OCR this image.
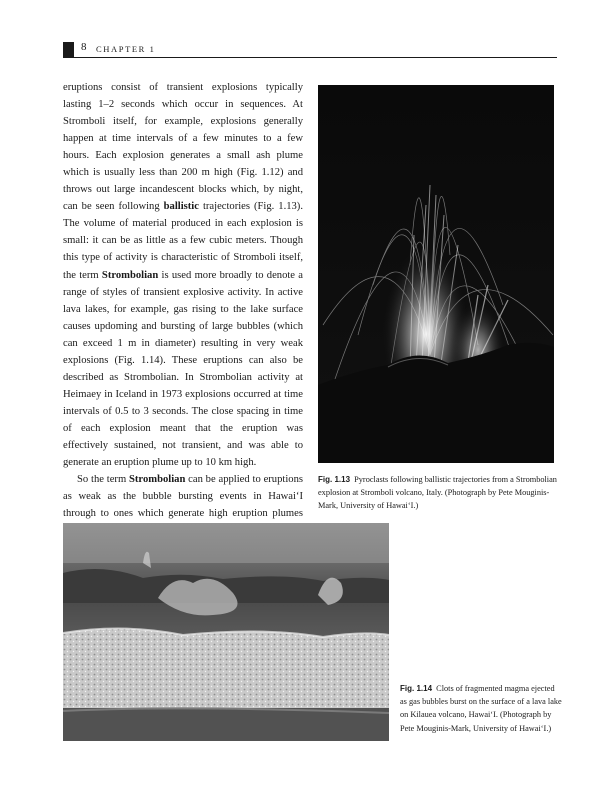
8 CHAPTER 1

eruptions consist of transient explosions typically lasting 1–2 seconds which occur in sequences. At Stromboli itself, for example, explosions generally happen at time intervals of a few minutes to a few hours. Each explosion generates a small ash plume which is usually less than 200 m high (Fig. 1.12) and throws out large incandescent blocks which, by night, can be seen following ballistic trajectories (Fig. 1.13). The volume of material produced in each explosion is small: it can be as little as a few cubic meters. Though this type of activity is characteristic of Stromboli itself, the term Strombolian is used more broadly to denote a range of styles of transient explosive activity. In active lava lakes, for example, gas rising to the lake surface causes updoming and bursting of large bubbles (which can exceed 1 m in diameter) resulting in very weak explosions (Fig. 1.14). These eruptions can also be described as Strombolian. In Strombolian activity at Heimaey in Iceland in 1973 explosions occurred at time intervals of 0.5 to 3 seconds. The close spacing in time of each explosion meant that the eruption was effectively sustained, not transient, and was able to generate an eruption plume up to 10 km high.

So the term Strombolian can be applied to eruptions as weak as the bubble bursting events in Hawai‘I through to ones which generate high eruption plumes

Fig. 1.13 Pyroclasts following ballistic trajectories from a Strombolian explosion at Stromboli volcano, Italy. (Photograph by Pete Mouginis-Mark, University of Hawai‘I.)
Fig. 1.14 Clots of fragmented magma ejected as gas bubbles burst on the surface of a lava lake on Kilauea volcano, Hawai‘I. (Photograph by Pete Mouginis-Mark, University of Hawai‘I.)
